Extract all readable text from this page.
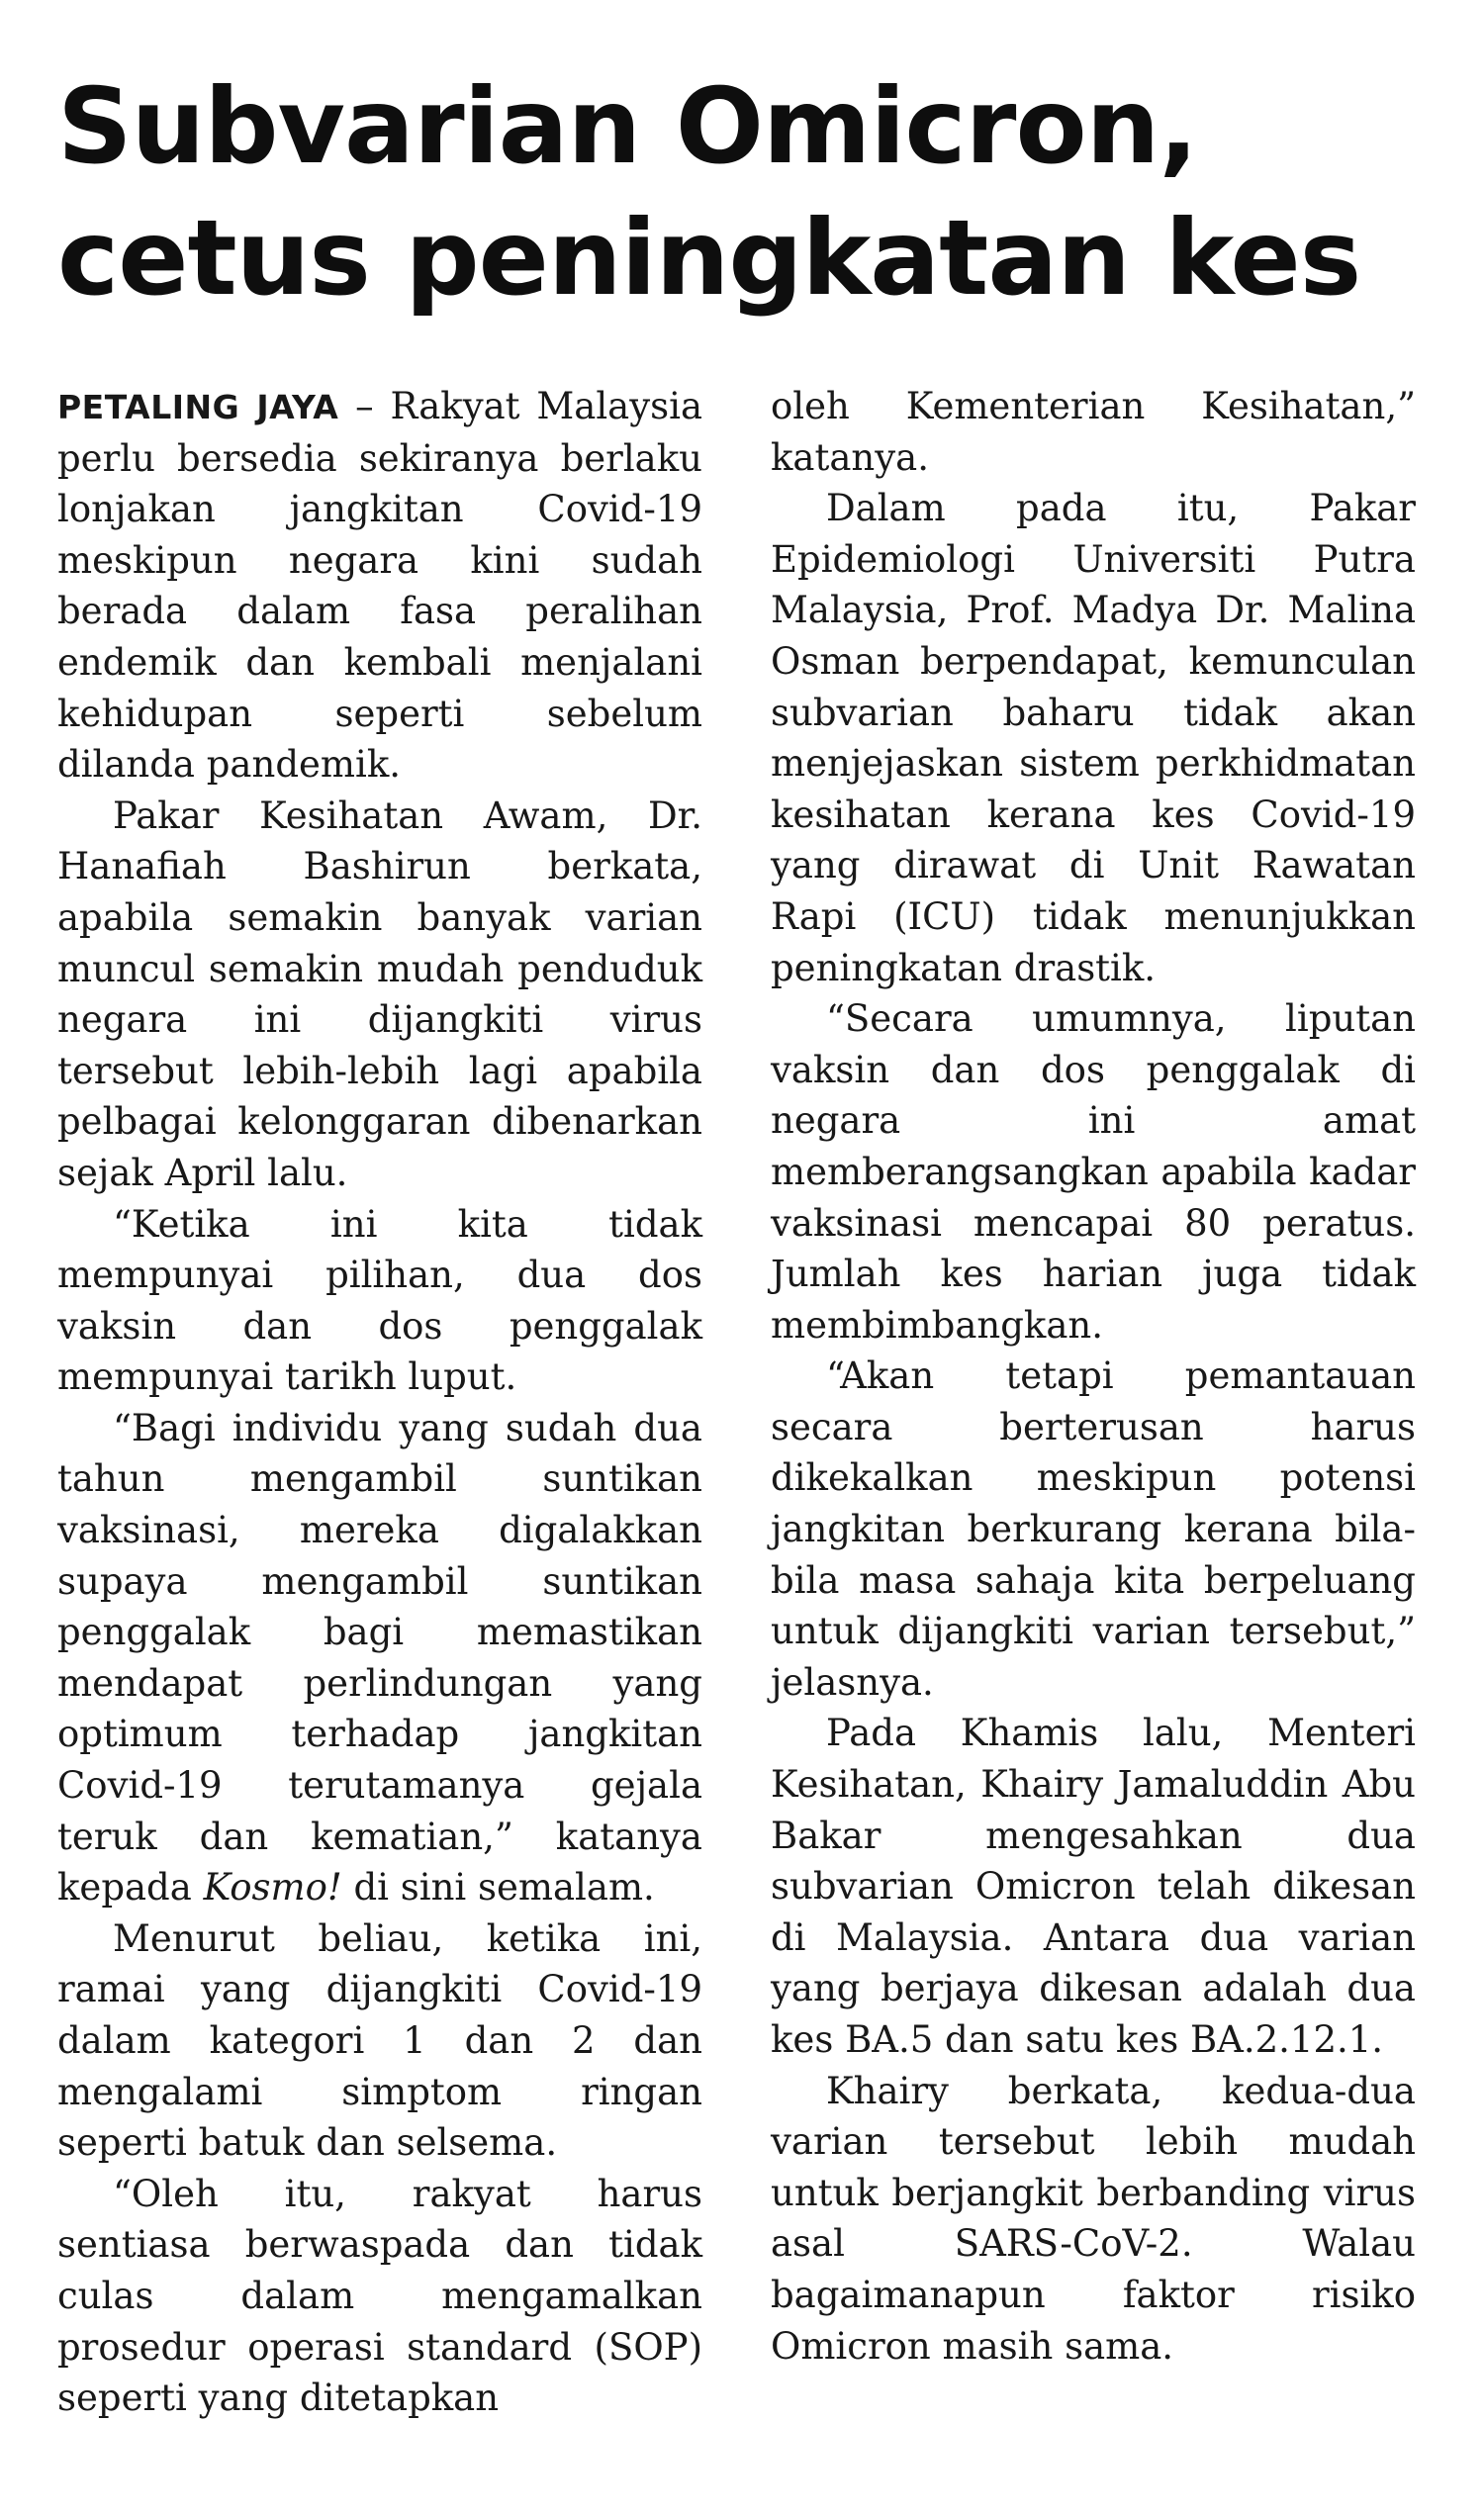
Subvarian Omicron,
cetus peningkatan kes

PETALING JAYA – Rakyat Malaysia perlu bersedia sekiranya berlaku lonjakan jangkitan Covid-19 meskipun negara kini sudah berada dalam fasa peralihan endemik dan kembali menjalani kehidupan seperti sebelum dilanda pandemik.

Pakar Kesihatan Awam, Dr. Hanafiah Bashirun berkata, apabila semakin banyak varian muncul semakin mudah penduduk negara ini dijangkiti virus tersebut lebih-lebih lagi apabila pelbagai kelonggaran dibenarkan sejak April lalu.

“Ketika ini kita tidak mempunyai pilihan, dua dos vaksin dan dos penggalak mempunyai tarikh luput.

“Bagi individu yang sudah dua tahun mengambil suntikan vaksinasi, mereka digalakkan supaya mengambil suntikan penggalak bagi memastikan mendapat perlindungan yang optimum terhadap jangkitan Covid-19 terutamanya gejala teruk dan kematian,” katanya kepada Kosmo! di sini semalam.

Menurut beliau, ketika ini, ramai yang dijangkiti Covid-19 dalam kategori 1 dan 2 dan mengalami simptom ringan seperti batuk dan selsema.

“Oleh itu, rakyat harus sentiasa berwaspada dan tidak culas dalam mengamalkan prosedur operasi standard (SOP) seperti yang ditetapkan

oleh Kementerian Kesihatan,” katanya.

Dalam pada itu, Pakar Epidemiologi Universiti Putra Malaysia, Prof. Madya Dr. Malina Osman berpendapat, kemunculan subvarian baharu tidak akan menjejaskan sistem perkhidmatan kesihatan kerana kes Covid-19 yang dirawat di Unit Rawatan Rapi (ICU) tidak menunjukkan peningkatan drastik.

“Secara umumnya, liputan vaksin dan dos penggalak di negara ini amat memberangsangkan apabila kadar vaksinasi mencapai 80 peratus. Jumlah kes harian juga tidak membimbangkan.

“Akan tetapi pemantauan secara berterusan harus dikekalkan meskipun potensi jangkitan berkurang kerana bila-bila masa sahaja kita berpeluang untuk dijangkiti varian tersebut,” jelasnya.

Pada Khamis lalu, Menteri Kesihatan, Khairy Jamaluddin Abu Bakar mengesahkan dua subvarian Omicron telah dikesan di Malaysia. Antara dua varian yang berjaya dikesan adalah dua kes BA.5 dan satu kes BA.2.12.1.

Khairy berkata, kedua-dua varian tersebut lebih mudah untuk berjangkit berbanding virus asal SARS-CoV-2. Walau bagaimanapun faktor risiko Omicron masih sama.
